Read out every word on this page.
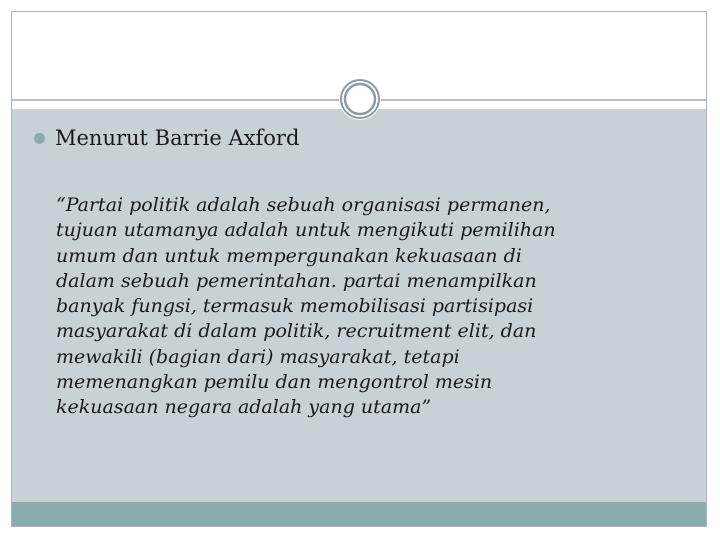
Menurut Barrie Axford
“Partai politik adalah sebuah organisasi permanen,
tujuan utamanya adalah untuk mengikuti pemilihan
umum dan untuk mempergunakan kekuasaan di
dalam sebuah pemerintahan. partai menampilkan
banyak fungsi, termasuk memobilisasi partisipasi
masyarakat di dalam politik, recruitment elit, dan
mewakili (bagian dari) masyarakat, tetapi
memenangkan pemilu dan mengontrol mesin
kekuasaan negara adalah yang utama”
